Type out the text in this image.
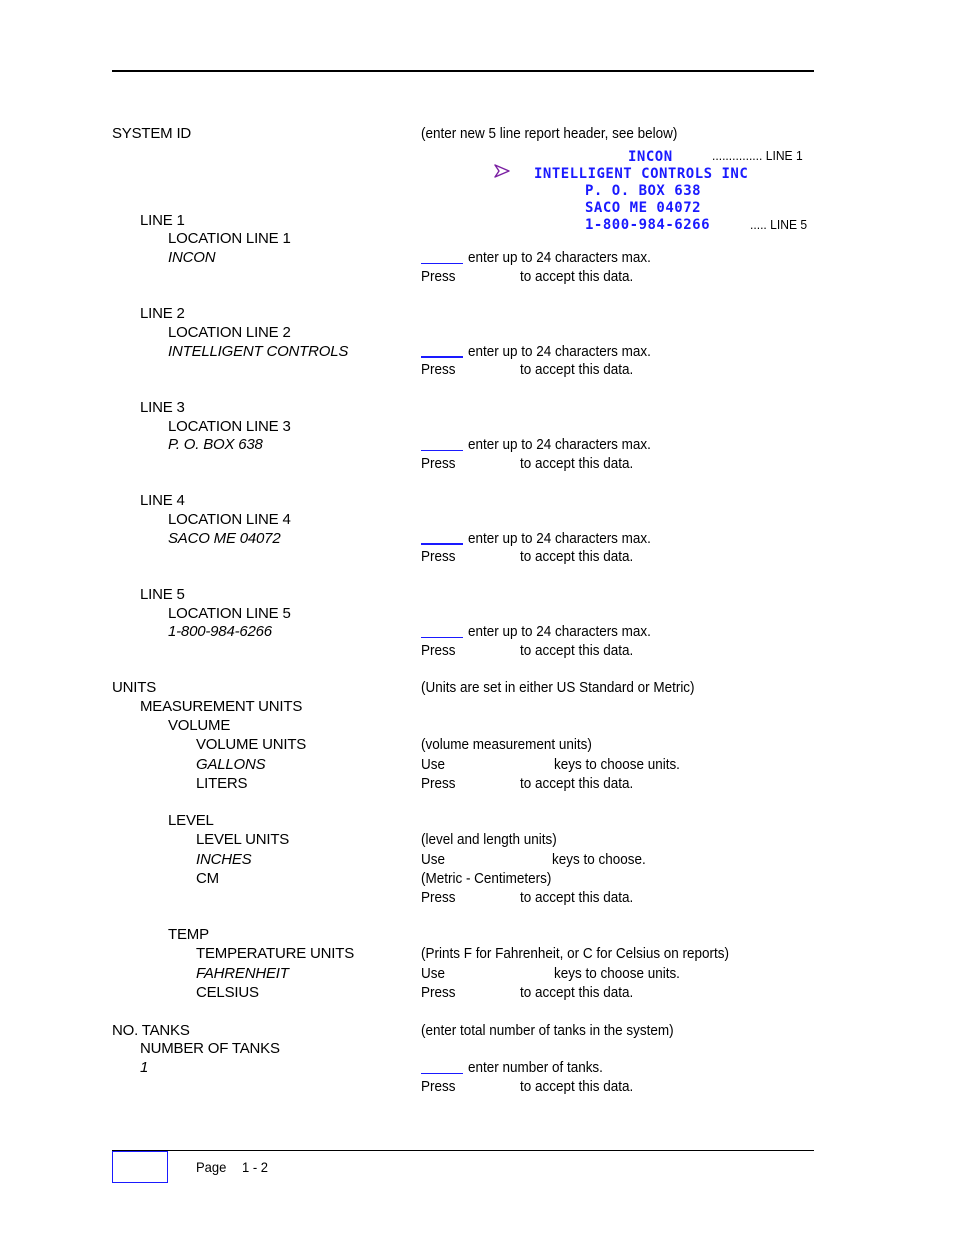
SYSTEM ID	(enter new 5 line report header, see below)
INCON	............... LINE 1
INTELLIGENT CONTROLS INC
P. O. BOX 638
SACO ME 04072
1-800-984-6266	..... LINE 5
LINE 1
LOCATION LINE 1
INCON	enter up to 24 characters max.
Press	to accept this data.
LINE 2
LOCATION LINE 2
INTELLIGENT CONTROLS	enter up to 24 characters max.
Press	to accept this data.
LINE 3
LOCATION LINE 3
P. O. BOX 638	enter up to 24 characters max.
Press	to accept this data.
LINE 4
LOCATION LINE 4
SACO ME 04072	enter up to 24 characters max.
Press	to accept this data.
LINE 5
LOCATION LINE 5
1-800-984-6266	enter up to 24 characters max.
Press	to accept this data.
UNITS	(Units are set in either US Standard or Metric)
MEASUREMENT UNITS
VOLUME
VOLUME UNITS	(volume measurement units)
GALLONS	Use	keys to choose units.
LITERS	Press	to accept this data.
LEVEL
LEVEL UNITS	(level and length units)
INCHES	Use	keys to choose.
CM	(Metric - Centimeters)
Press	to accept this data.
TEMP
TEMPERATURE UNITS	(Prints F for Fahrenheit, or C for Celsius on reports)
FAHRENHEIT	Use	keys to choose units.
CELSIUS	Press	to accept this data.
NO. TANKS	(enter total number of tanks in the system)
NUMBER OF TANKS
1	enter number of tanks.
Press	to accept this data.
Page 1 - 2
